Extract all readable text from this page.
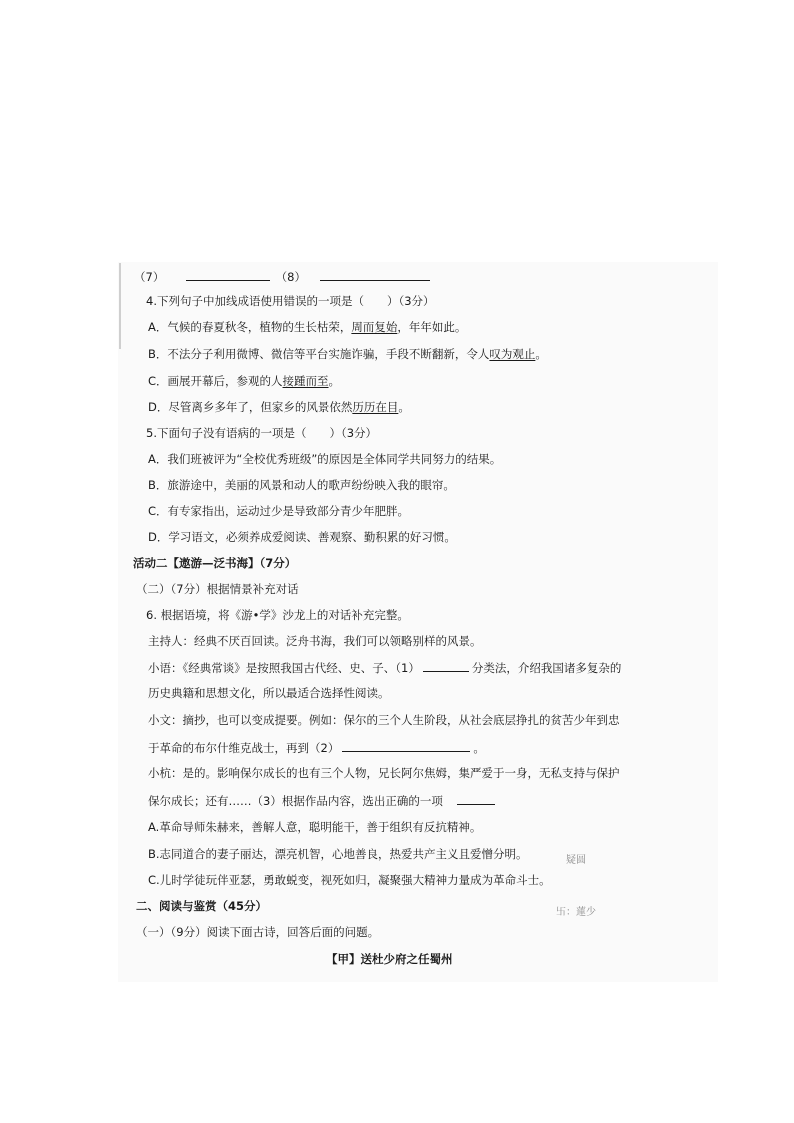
（7）	（8）
4.下列句子中加线成语使用错误的一项是（　　）（3分）
A．气候的春夏秋冬，植物的生长枯荣，周而复始，年年如此。
B．不法分子利用微博、微信等平台实施诈骗，手段不断翻新，令人叹为观止。
C．画展开幕后，参观的人接踵而至。
D．尽管离乡多年了，但家乡的风景依然历历在目。
5.下面句子没有语病的一项是（　　）（3分）
A．我们班被评为“全校优秀班级”的原因是全体同学共同努力的结果。
B．旅游途中，美丽的风景和动人的歌声纷纷映入我的眼帘。
C．有专家指出，运动过少是导致部分青少年肥胖。
D．学习语文，必须养成爱阅读、善观察、勤积累的好习惯。
活动二【遨游—泛书海】（7分）
（二）（7分）根据情景补充对话
6. 根据语境，将《游•学》沙龙上的对话补充完整。
主持人：经典不厌百回读。泛舟书海，我们可以领略别样的风景。
小语：《经典常谈》是按照我国古代经、史、子、（1）	分类法，介绍我国诸多复杂的
历史典籍和思想文化，所以最适合选择性阅读。
小文：摘抄，也可以变成提要。例如：保尔的三个人生阶段，从社会底层挣扎的贫苦少年到忠
于革命的布尔什维克战士，再到（2）	。
小杭：是的。影响保尔成长的也有三个人物，兄长阿尔焦姆，集严爱于一身，无私支持与保护
保尔成长；还有……（3）根据作品内容，选出正确的一项
A.革命导师朱赫来，善解人意，聪明能干，善于组织有反抗精神。
B.志同道合的妻子丽达，漂亮机智，心地善良，热爱共产主义且爱憎分明。
C.儿时学徒玩伴亚瑟，勇敢蜕变，视死如归，凝聚强大精神力量成为革命斗士。
二、阅读与鉴赏（45分）
（一）（9分）阅读下面古诗，回答后面的问题。
【甲】送杜少府之任蜀州
疑圆
卐：蓮少
